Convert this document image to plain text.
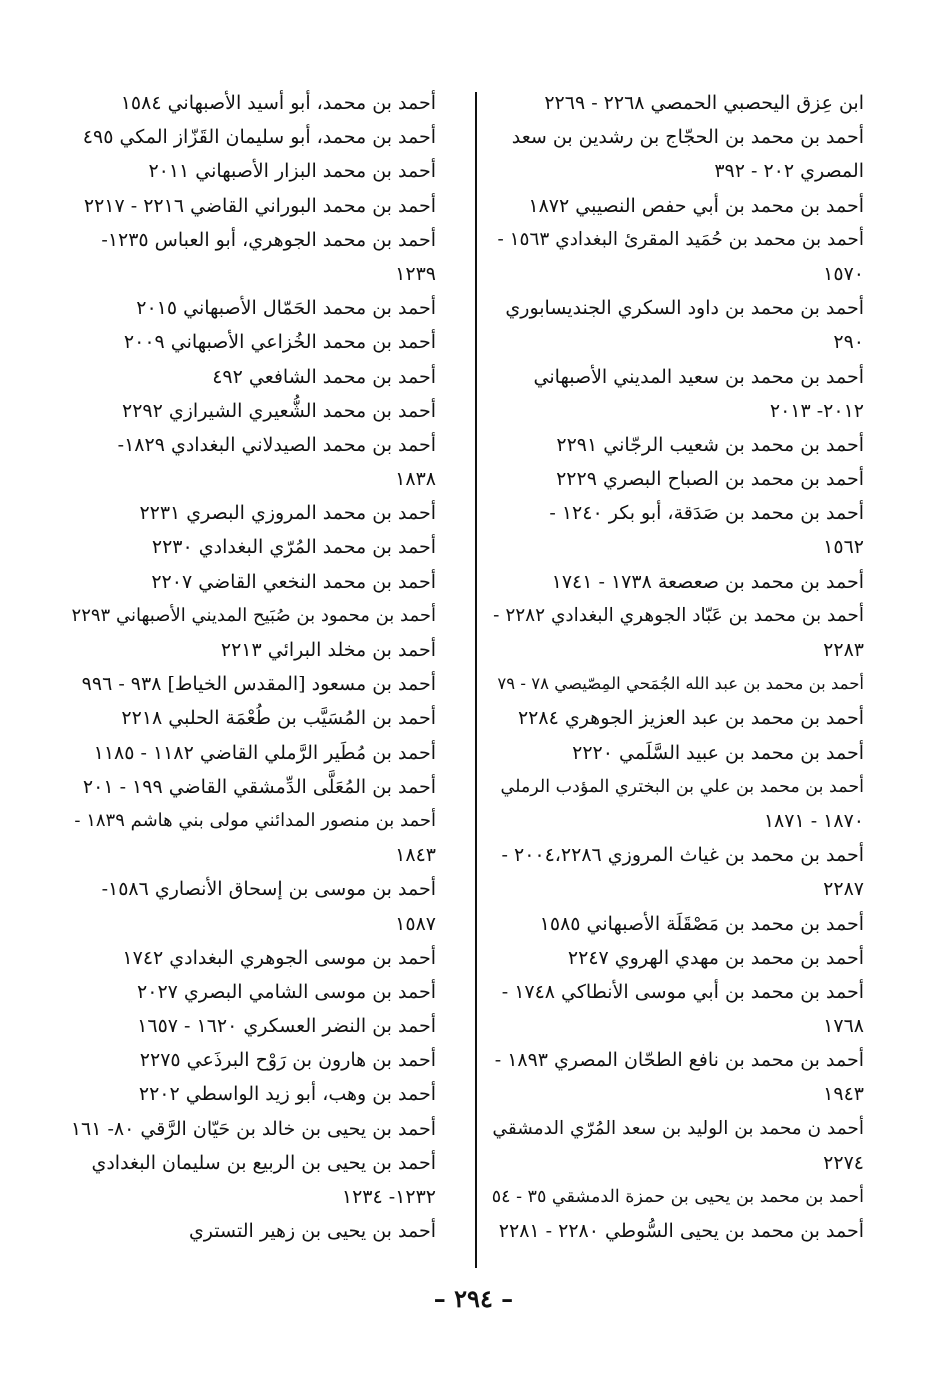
ابن عِزق اليحصبي الحمصي ٢٢٦٨ - ٢٢٦٩
أحمد بن محمد بن الحجّاج بن رشدين بن سعد
المصري ٢٠٢ - ٣٩٢
أحمد بن محمد بن أبي حفص النصيبي ١٨٧٢
أحمد بن محمد بن حُمَيد المقرئ البغدادي ١٥٦٣ -
١٥٧٠
أحمد بن محمد بن داود السكري الجنديسابوري
٢٩٠
أحمد بن محمد بن سعيد المديني الأصبهاني
٢٠١٢- ٢٠١٣
أحمد بن محمد بن شعيب الرجّاني ٢٢٩١
أحمد بن محمد بن الصباح البصري ٢٢٢٩
أحمد بن محمد بن صَدَقة، أبو بكر ١٢٤٠ -
١٥٦٢
أحمد بن محمد بن صعصعة ١٧٣٨ - ١٧٤١
أحمد بن محمد بن عَبّاد الجوهري البغدادي ٢٢٨٢ -
٢٢٨٣
أحمد بن محمد بن عبد الله الجُمَحي المِصّيصي ٧٨ - ٧٩
أحمد بن محمد بن عبد العزيز الجوهري ٢٢٨٤
أحمد بن محمد بن عبيد السَّلَمي ٢٢٢٠
أحمد بن محمد بن علي بن البختري المؤدب الرملي
١٨٧٠ - ١٨٧١
أحمد بن محمد بن غياث المروزي ٢٠٠٤،٢٢٨٦ -
٢٢٨٧
أحمد بن محمد بن مَصْقَلَة الأصبهاني ١٥٨٥
أحمد بن محمد بن مهدي الهروي ٢٢٤٧
أحمد بن محمد بن أبي موسى الأنطاكي ١٧٤٨ -
١٧٦٨
أحمد بن محمد بن نافع الطحّان المصري ١٨٩٣ -
١٩٤٣
أحمد ن محمد بن الوليد بن سعد المُرّي الدمشقي
٢٢٧٤
أحمد بن محمد بن يحيى بن حمزة الدمشقي ٣٥ - ٥٤
أحمد بن محمد بن يحيى السُّوطي ٢٢٨٠ - ٢٢٨١
أحمد بن محمد، أبو أسيد الأصبهاني ١٥٨٤
أحمد بن محمد، أبو سليمان القَزّاز المكي ٤٩٥
أحمد بن محمد البزار الأصبهاني ٢٠١١
أحمد بن محمد البوراني القاضي ٢٢١٦ - ٢٢١٧
أحمد بن محمد الجوهري، أبو العباس ١٢٣٥-
١٢٣٩
أحمد بن محمد الحَمّال الأصبهاني ٢٠١٥
أحمد بن محمد الخُزاعي الأصبهاني ٢٠٠٩
أحمد بن محمد الشافعي ٤٩٢
أحمد بن محمد الشُّعيري الشيرازي ٢٢٩٢
أحمد بن محمد الصيدلاني البغدادي ١٨٢٩-
١٨٣٨
أحمد بن محمد المروزي البصري ٢٢٣١
أحمد بن محمد المُرّي البغدادي ٢٢٣٠
أحمد بن محمد النخعي القاضي ٢٢٠٧
أحمد بن محمود بن صُبَيح المديني الأصبهاني ٢٢٩٣
أحمد بن مخلد البرائي ٢٢١٣
أحمد بن مسعود [المقدس الخياط] ٩٣٨ - ٩٩٦
أحمد بن المُسَيَّب بن طُعْمَة الحلبي ٢٢١٨
أحمد بن مُطَير الرَّملي القاضي ١١٨٢ - ١١٨٥
أحمد بن المُعَلَّى الدِّمشقي القاضي ١٩٩ - ٢٠١
أحمد بن منصور المدائني مولى بني هاشم ١٨٣٩ -
١٨٤٣
أحمد بن موسى بن إسحاق الأنصاري ١٥٨٦-
١٥٨٧
أحمد بن موسى الجوهري البغدادي ١٧٤٢
أحمد بن موسى الشامي البصري ٢٠٢٧
أحمد بن النضر العسكري ١٦٢٠ - ١٦٥٧
أحمد بن هارون بن رَوْح البرذَعي ٢٢٧٥
أحمد بن وهب، أبو زيد الواسطي ٢٢٠٢
أحمد بن يحيى بن خالد بن حَيّان الرَّقي ٨٠- ١٦١
أحمد بن يحيى بن الربيع بن سليمان البغدادي
١٢٣٢- ١٢٣٤
أحمد بن يحيى بن زهير التستري
– ٢٩٤ –
